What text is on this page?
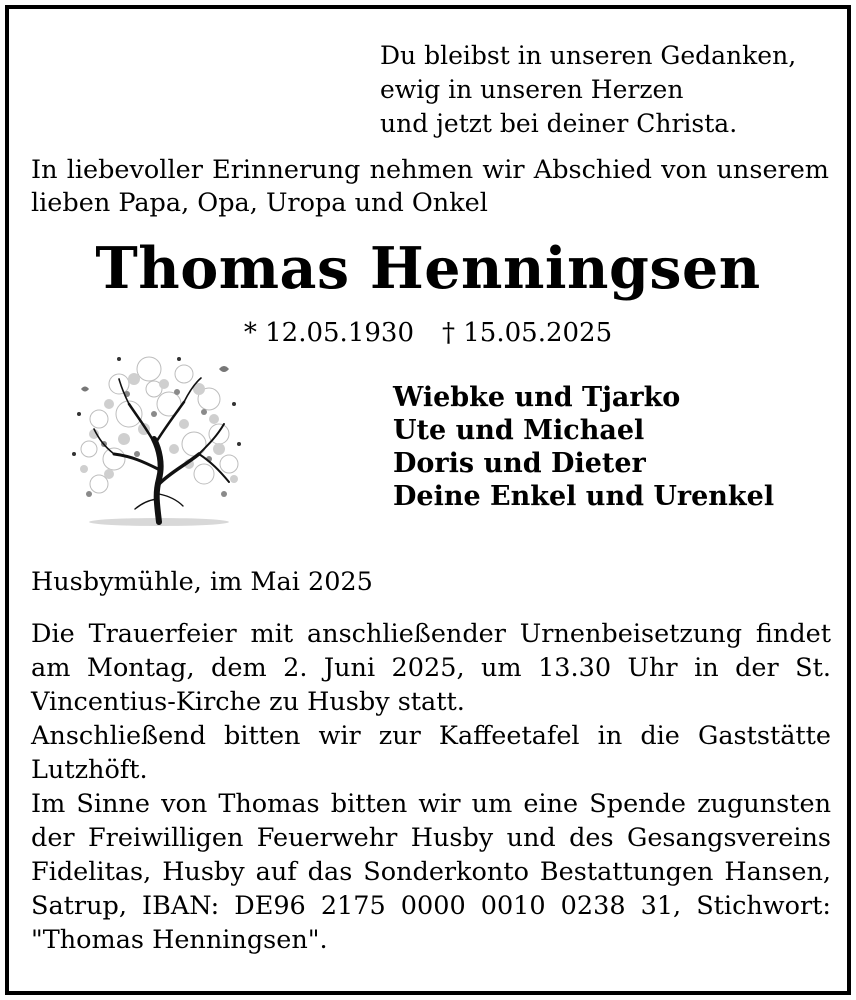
Du bleibst in unseren Gedanken,
ewig in unseren Herzen
und jetzt bei deiner Christa.
In liebevoller Erinnerung nehmen wir Abschied von unserem lieben Papa, Opa, Uropa und Onkel
Thomas Henningsen
* 12.05.1930 † 15.05.2025
Wiebke und Tjarko
Ute und Michael
Doris und Dieter
Deine Enkel und Urenkel
Husbymühle, im Mai 2025

Die Trauerfeier mit anschließender Urnenbeisetzung findet am Montag, dem 2. Juni 2025, um 13.30 Uhr in der St. Vincentius-Kirche zu Husby statt.

Anschließend bitten wir zur Kaffeetafel in die Gaststätte Lutzhöft.

Im Sinne von Thomas bitten wir um eine Spende zugunsten der Freiwilligen Feuerwehr Husby und des Gesangsvereins Fidelitas, Husby auf das Sonderkonto Bestattungen Hansen, Satrup, IBAN: DE96 2175 0000 0010 0238 31, Stichwort: "Thomas Henningsen".
